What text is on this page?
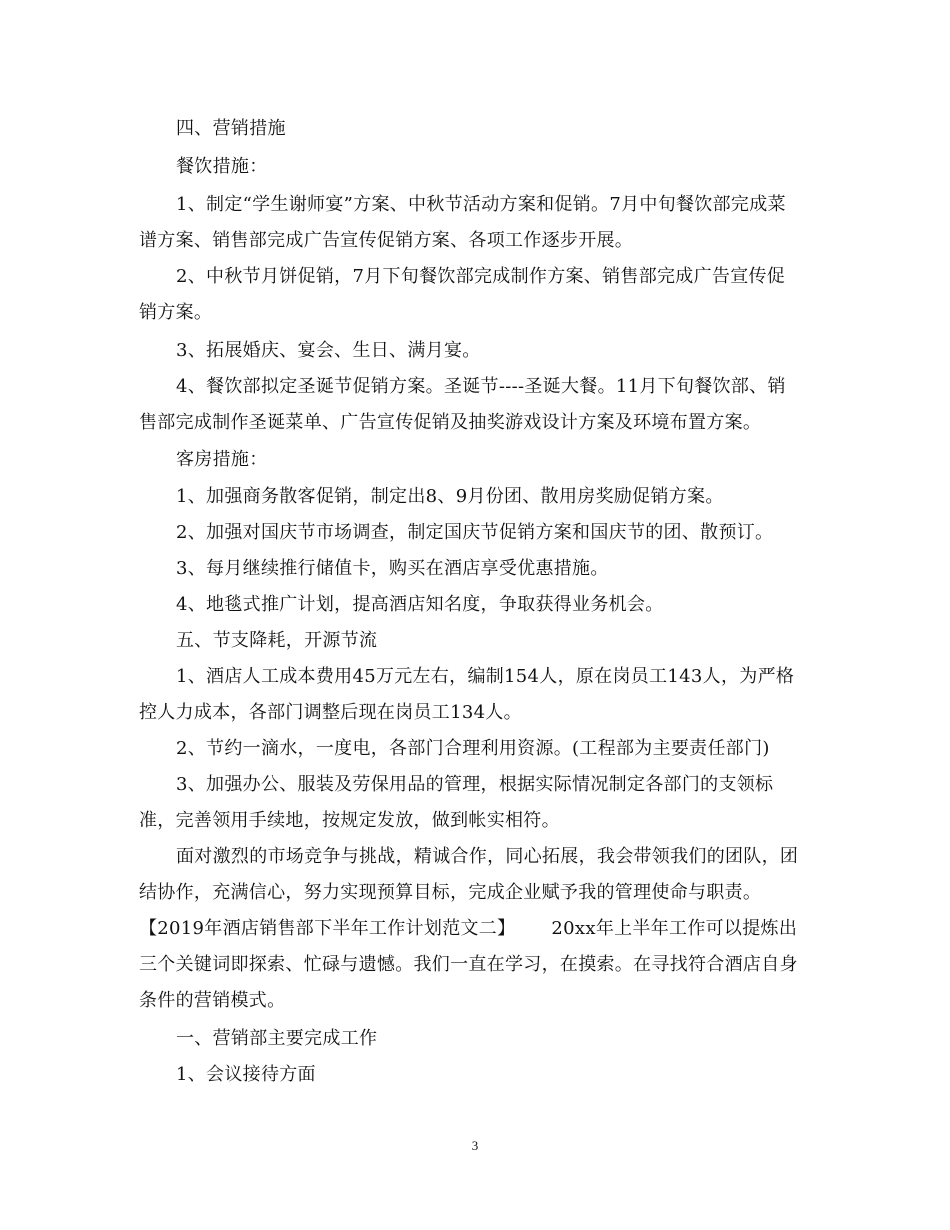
四、营销措施
餐饮措施：
1、制定“学生谢师宴”方案、中秋节活动方案和促销。7月中旬餐饮部完成菜
谱方案、销售部完成广告宣传促销方案、各项工作逐步开展。
2、中秋节月饼促销，7月下旬餐饮部完成制作方案、销售部完成广告宣传促
销方案。
3、拓展婚庆、宴会、生日、满月宴。
4、餐饮部拟定圣诞节促销方案。圣诞节----圣诞大餐。11月下旬餐饮部、销
售部完成制作圣诞菜单、广告宣传促销及抽奖游戏设计方案及环境布置方案。
客房措施：
1、加强商务散客促销，制定出8、9月份团、散用房奖励促销方案。
2、加强对国庆节市场调查，制定国庆节促销方案和国庆节的团、散预订。
3、每月继续推行储值卡，购买在酒店享受优惠措施。
4、地毯式推广计划，提高酒店知名度，争取获得业务机会。
五、节支降耗，开源节流
1、酒店人工成本费用45万元左右，编制154人，原在岗员工143人，为严格
控人力成本，各部门调整后现在岗员工134人。
2、节约一滴水，一度电，各部门合理利用资源。(工程部为主要责任部门)
3、加强办公、服装及劳保用品的管理，根据实际情况制定各部门的支领标
准，完善领用手续地，按规定发放，做到帐实相符。
面对激烈的市场竞争与挑战，精诚合作，同心拓展，我会带领我们的团队，团
结协作，充满信心，努力实现预算目标，完成企业赋予我的管理使命与职责。
【2019年酒店销售部下半年工作计划范文二】 20xx年上半年工作可以提炼出
三个关键词即探索、忙碌与遗憾。我们一直在学习，在摸索。在寻找符合酒店自身
条件的营销模式。
一、营销部主要完成工作
1、会议接待方面
3
